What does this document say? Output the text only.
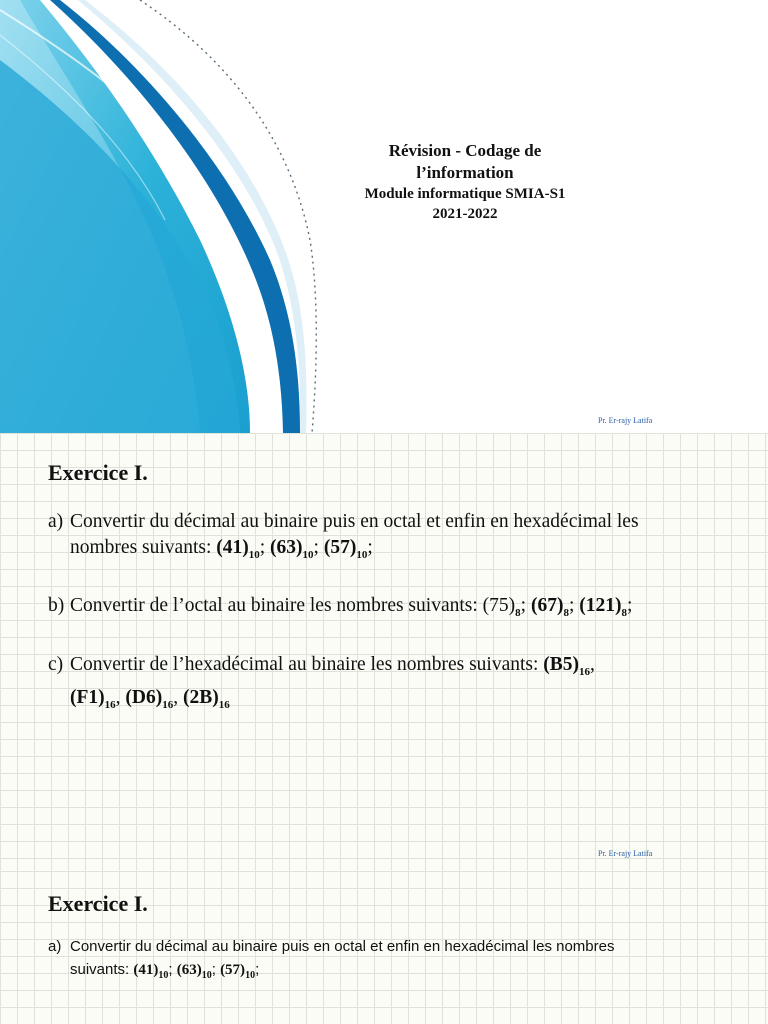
Révision - Codage de

l’information

Module informatique SMIA-S1

2021-2022

Pr. Er-rajy Latifa

Exercice I.

a) Convertir du décimal au binaire puis en octal et enfin en hexadécimal les
nombres suivants: $(41)_{10}$; $(63)_{10}$; $(57)_{10}$;
b) Convertir de l’octal au binaire les nombres suivants: $(75)_8$; $(67)_8$; $(121)_8$;
c) Convertir de l’hexadécimal au binaire les nombres suivants: $(B5)_{16}$,
$(F1)_{16}$, $(D6)_{16}$, $(2B)_{16}$
Pr. Er-rajy Latifa

Exercice I.

a) Convertir du décimal au binaire puis en octal et enfin en hexadécimal les nombres
suivants: $(41)_{10}$; $(63)_{10}$; $(57)_{10}$;
